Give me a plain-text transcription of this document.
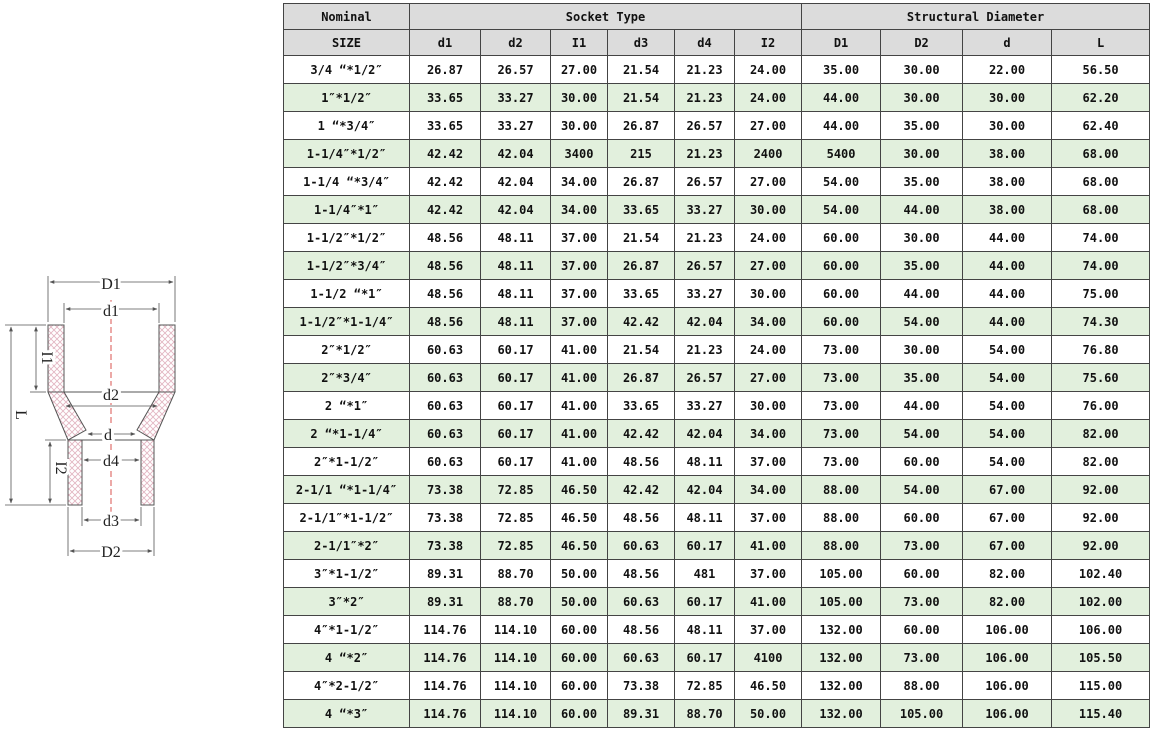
D1
d1
I1
L
d2
d
d4
I2
d3
D2
Nominal	Socket Type						Structural Diameter			
SIZE	d1	d2	I1	d3	d4	I2	D1	D2	d	L
3/4 “*1/2″	26.87	26.57	27.00	21.54	21.23	24.00	35.00	30.00	22.00	56.50
1″*1/2″	33.65	33.27	30.00	21.54	21.23	24.00	44.00	30.00	30.00	62.20
1 “*3/4″	33.65	33.27	30.00	26.87	26.57	27.00	44.00	35.00	30.00	62.40
1-1/4″*1/2″	42.42	42.04	3400	215	21.23	2400	5400	30.00	38.00	68.00
1-1/4 “*3/4″	42.42	42.04	34.00	26.87	26.57	27.00	54.00	35.00	38.00	68.00
1-1/4″*1″	42.42	42.04	34.00	33.65	33.27	30.00	54.00	44.00	38.00	68.00
1-1/2″*1/2″	48.56	48.11	37.00	21.54	21.23	24.00	60.00	30.00	44.00	74.00
1-1/2″*3/4″	48.56	48.11	37.00	26.87	26.57	27.00	60.00	35.00	44.00	74.00
1-1/2 “*1″	48.56	48.11	37.00	33.65	33.27	30.00	60.00	44.00	44.00	75.00
1-1/2″*1-1/4″	48.56	48.11	37.00	42.42	42.04	34.00	60.00	54.00	44.00	74.30
2″*1/2″	60.63	60.17	41.00	21.54	21.23	24.00	73.00	30.00	54.00	76.80
2″*3/4″	60.63	60.17	41.00	26.87	26.57	27.00	73.00	35.00	54.00	75.60
2 “*1″	60.63	60.17	41.00	33.65	33.27	30.00	73.00	44.00	54.00	76.00
2 “*1-1/4″	60.63	60.17	41.00	42.42	42.04	34.00	73.00	54.00	54.00	82.00
2″*1-1/2″	60.63	60.17	41.00	48.56	48.11	37.00	73.00	60.00	54.00	82.00
2-1/1 “*1-1/4″	73.38	72.85	46.50	42.42	42.04	34.00	88.00	54.00	67.00	92.00
2-1/1″*1-1/2″	73.38	72.85	46.50	48.56	48.11	37.00	88.00	60.00	67.00	92.00
2-1/1″*2″	73.38	72.85	46.50	60.63	60.17	41.00	88.00	73.00	67.00	92.00
3″*1-1/2″	89.31	88.70	50.00	48.56	481	37.00	105.00	60.00	82.00	102.40
3″*2″	89.31	88.70	50.00	60.63	60.17	41.00	105.00	73.00	82.00	102.00
4″*1-1/2″	114.76	114.10	60.00	48.56	48.11	37.00	132.00	60.00	106.00	106.00
4 “*2″	114.76	114.10	60.00	60.63	60.17	4100	132.00	73.00	106.00	105.50
4″*2-1/2″	114.76	114.10	60.00	73.38	72.85	46.50	132.00	88.00	106.00	115.00
4 “*3″	114.76	114.10	60.00	89.31	88.70	50.00	132.00	105.00	106.00	115.40
